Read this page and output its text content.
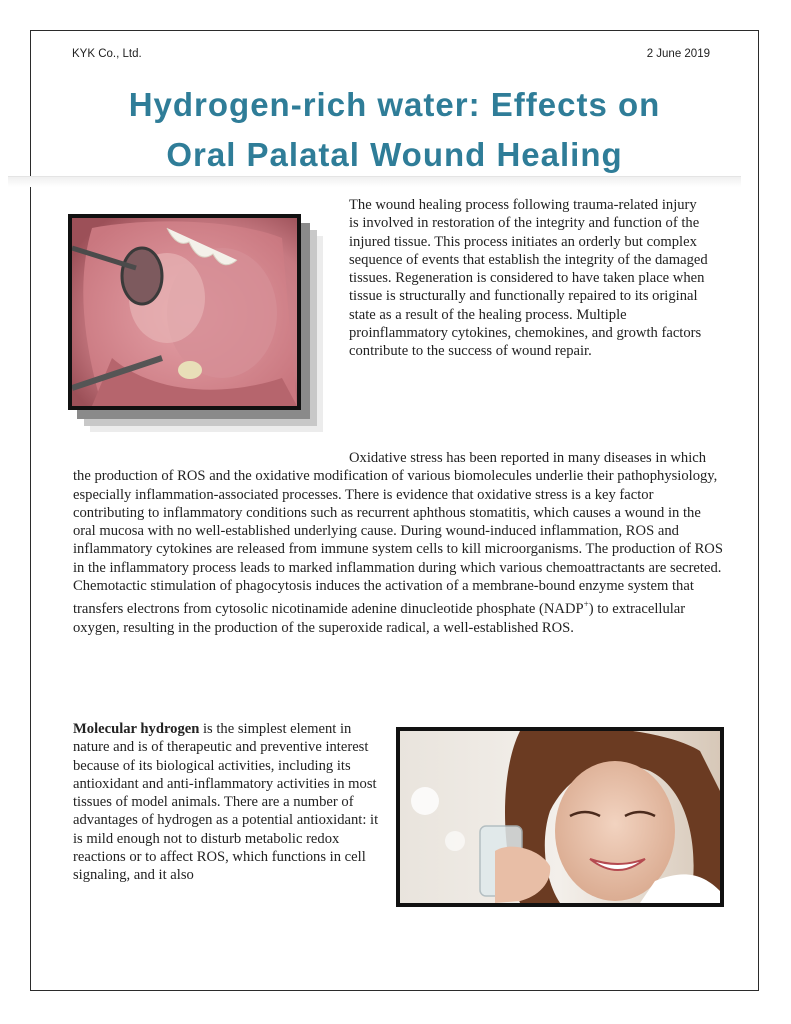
KYK Co., Ltd.	2 June 2019
Hydrogen-rich water: Effects on
Oral Palatal Wound Healing

The wound healing process following trauma-related injury is involved in restoration of the integrity and function of the injured tissue. This process initiates an orderly but complex sequence of events that establish the integrity of the damaged tissues. Regeneration is considered to have taken place when tissue is structurally and functionally repaired to its original state as a result of the healing process. Multiple proinflammatory cytokines, chemokines, and growth factors contribute to the success of wound repair.

Oxidative stress has been reported in many diseases in which the production of ROS and the oxidative modification of various biomolecules underlie their pathophysiology, especially inflammation-associated processes. There is evidence that oxidative stress is a key factor contributing to inflammatory conditions such as recurrent aphthous stomatitis, which causes a wound in the oral mucosa with no well-established underlying cause. During wound-induced inflammation, ROS and inflammatory cytokines are released from immune system cells to kill microorganisms. The production of ROS in the inflammatory process leads to marked inflammation during which various chemoattractants are secreted. Chemotactic stimulation of phagocytosis induces the activation of a membrane-bound enzyme system that transfers electrons from cytosolic nicotinamide adenine dinucleotide phosphate (NADP+) to extracellular oxygen, resulting in the production of the superoxide radical, a well-established ROS.

Molecular hydrogen is the simplest element in nature and is of therapeutic and preventive interest because of its biological activities, including its antioxidant and anti-inflammatory activities in most tissues of model animals. There are a number of advantages of hydrogen as a potential antioxidant: it is mild enough not to disturb metabolic redox reactions or to affect ROS, which functions in cell signaling, and it also
